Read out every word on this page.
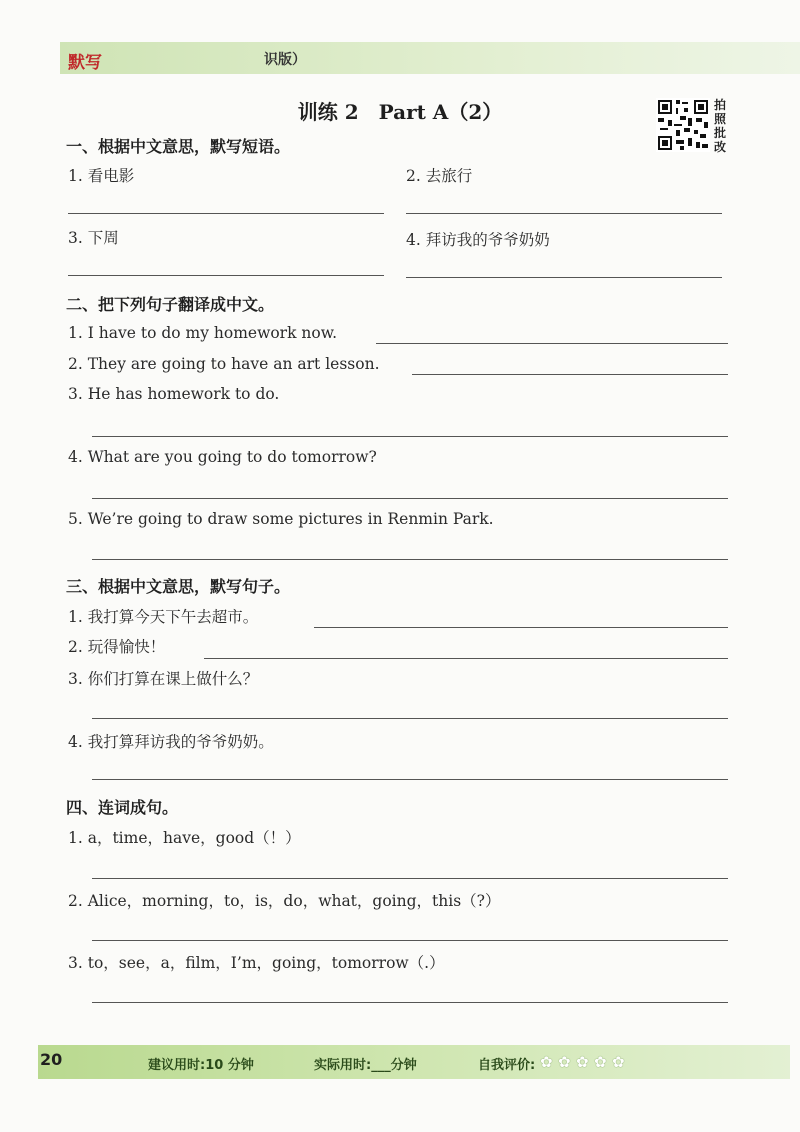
默写	识版）
训练 2　Part A（2）	拍
照
批
改
一、根据中文意思，默写短语。
1. 看电影	2. 去旅行
3. 下周	4. 拜访我的爷爷奶奶
二、把下列句子翻译成中文。
1. I have to do my homework now.
2. They are going to have an art lesson.
3. He has homework to do.
4. What are you going to do tomorrow?
5. We’re going to draw some pictures in Renmin Park.
三、根据中文意思，默写句子。
1. 我打算今天下午去超市。
2. 玩得愉快！
3. 你们打算在课上做什么？
4. 我打算拜访我的爷爷奶奶。
四、连词成句。
1. a，time，have，good（！）
2. Alice，morning，to，is，do，what，going，this（?）
3. to，see，a，film，I’m，going，tomorrow（.）
20	建议用时:10 分钟	实际用时:___分钟	自我评价: ✿ ✿ ✿ ✿ ✿
